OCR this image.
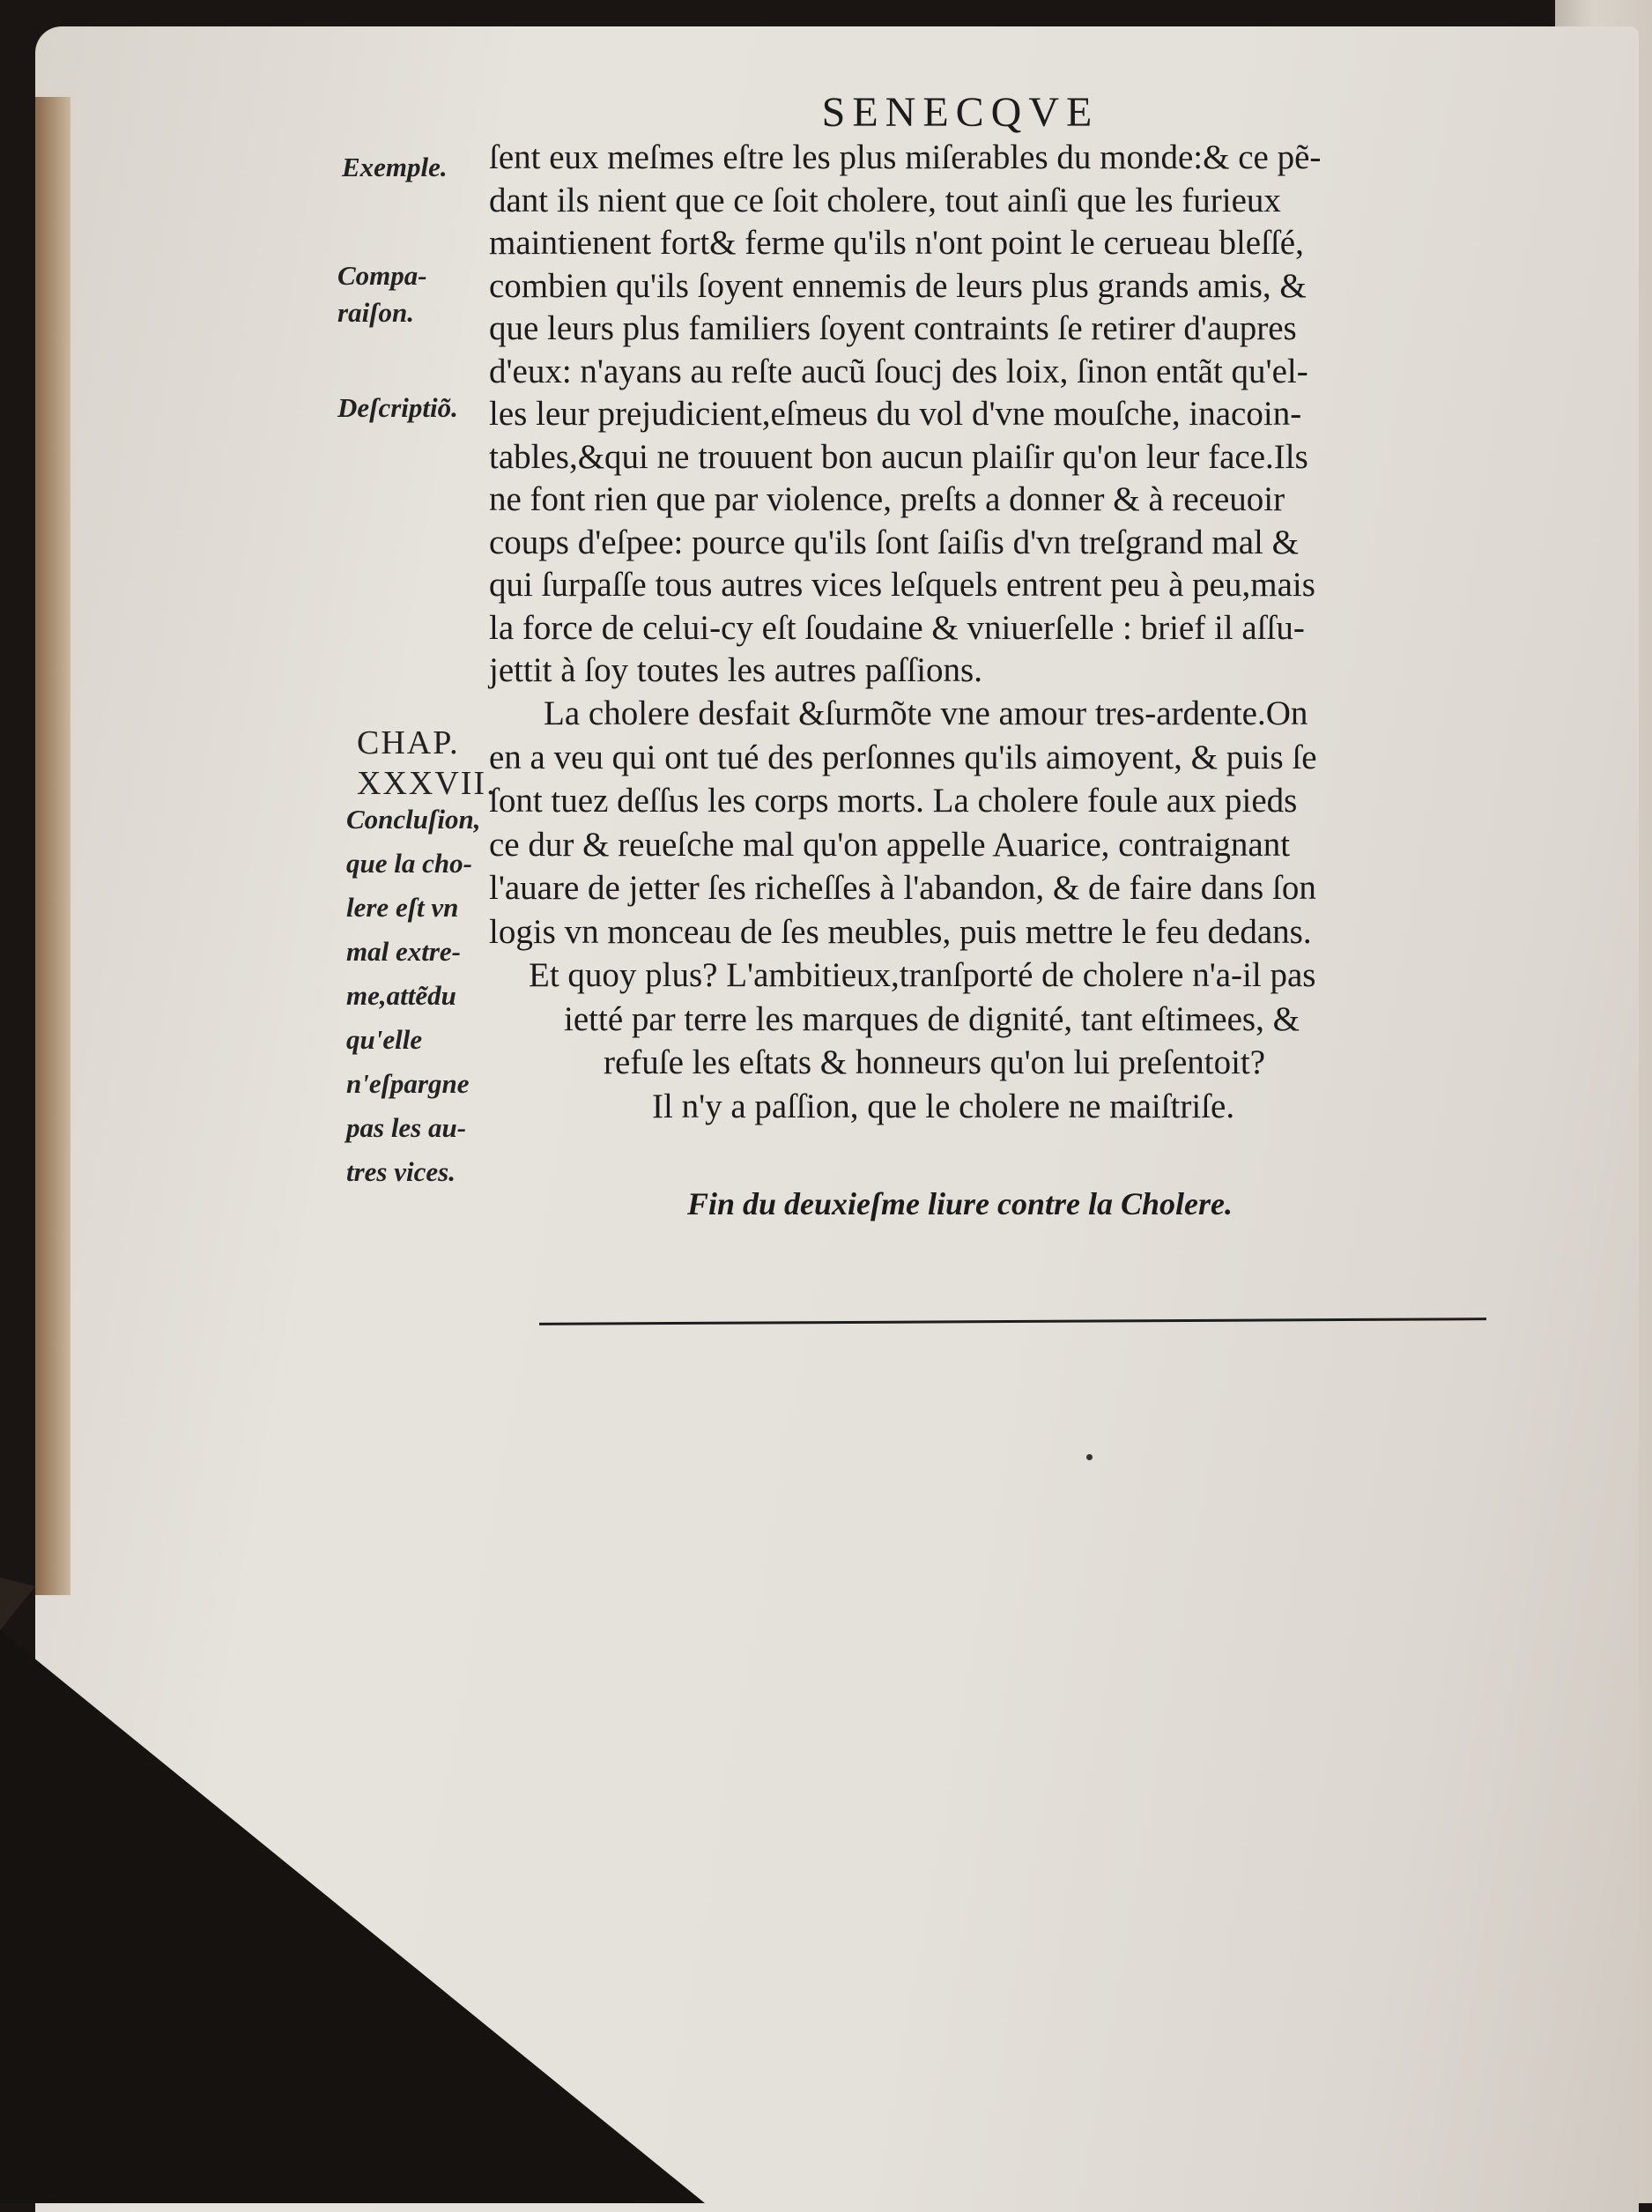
SENECQVE
Exemple.
Compa-
raiſon.
Deſcriptiõ.
CHAP.
XXXVII.
Concluſion,
que la cho-
lere eſt vn
mal extre-
me,attẽdu
qu'elle
n'eſpargne
pas les au-
tres vices.
ſent eux meſmes eſtre les plus miſerables du monde:& ce pẽ-
dant ils nient que ce ſoit cholere, tout ainſi que les furieux
maintienent fort& ferme qu'ils n'ont point le cerueau bleſſé,
combien qu'ils ſoyent ennemis de leurs plus grands amis, &
que leurs plus familiers ſoyent contraints ſe retirer d'aupres
d'eux: n'ayans au reſte aucũ ſoucj des loix, ſinon entãt qu'el-
les leur prejudicient,eſmeus du vol d'vne mouſche, inacoin-
tables,&qui ne trouuent bon aucun plaiſir qu'on leur face.Ils
ne font rien que par violence, preſts a donner & à receuoir
coups d'eſpee: pource qu'ils ſont ſaiſis d'vn treſgrand mal &
qui ſurpaſſe tous autres vices leſquels entrent peu à peu,mais
la force de celui-cy eſt ſoudaine & vniuerſelle : brief il aſſu-
jettit à ſoy toutes les autres paſſions.
La cholere desfait &ſurmõte vne amour tres-ardente.On
en a veu qui ont tué des perſonnes qu'ils aimoyent, & puis ſe
ſont tuez deſſus les corps morts. La cholere foule aux pieds
ce dur & reueſche mal qu'on appelle Auarice, contraignant
l'auare de jetter ſes richeſſes à l'abandon, & de faire dans ſon
logis vn monceau de ſes meubles, puis mettre le feu dedans.
Et quoy plus? L'ambitieux,tranſporté de cholere n'a-il pas
ietté par terre les marques de dignité, tant eſtimees, &
refuſe les eſtats & honneurs qu'on lui preſentoit?
Il n'y a paſſion, que le cholere ne maiſtriſe.
Fin du deuxieſme liure contre la Cholere.
